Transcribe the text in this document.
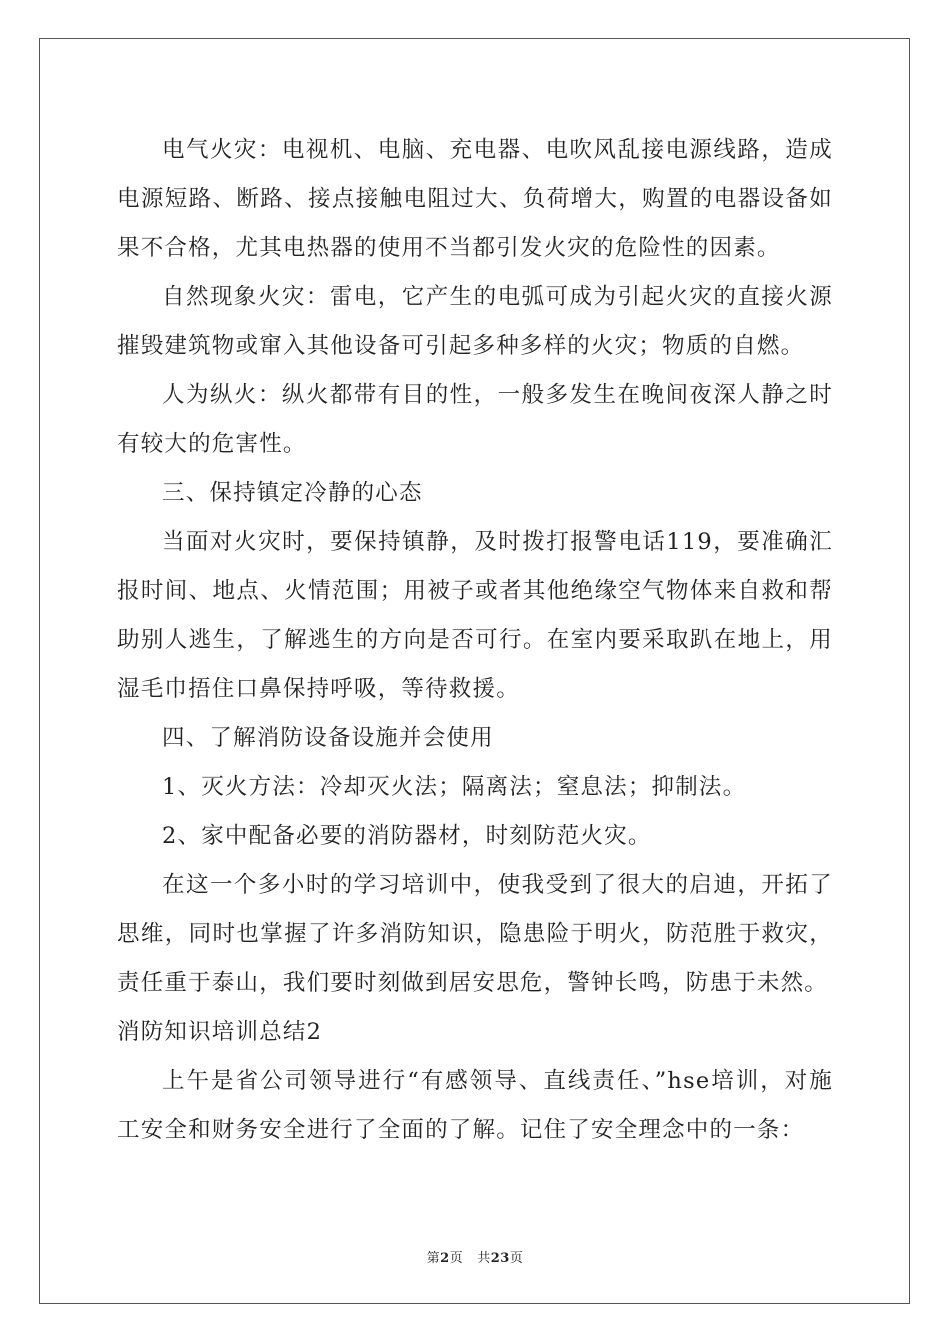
电气火灾：电视机、电脑、充电器、电吹风乱接电源线路，造成电源短路、断路、接点接触电阻过大、负荷增大，购置的电器设备如果不合格，尤其电热器的使用不当都引发火灾的危险性的因素。

自然现象火灾：雷电，它产生的电弧可成为引起火灾的直接火源摧毁建筑物或窜入其他设备可引起多种多样的火灾；物质的自燃。

人为纵火：纵火都带有目的性，一般多发生在晚间夜深人静之时有较大的危害性。

三、保持镇定冷静的心态

当面对火灾时，要保持镇静，及时拨打报警电话119，要准确汇报时间、地点、火情范围；用被子或者其他绝缘空气物体来自救和帮助别人逃生，了解逃生的方向是否可行。在室内要采取趴在地上，用湿毛巾捂住口鼻保持呼吸，等待救援。

四、了解消防设备设施并会使用

1、灭火方法：冷却灭火法；隔离法；窒息法；抑制法。

2、家中配备必要的消防器材，时刻防范火灾。

在这一个多小时的学习培训中，使我受到了很大的启迪，开拓了思维，同时也掌握了许多消防知识，隐患险于明火，防范胜于救灾，责任重于泰山，我们要时刻做到居安思危，警钟长鸣，防患于未然。

消防知识培训总结2

上午是省公司领导进行“有感领导、直线责任、”hse培训，对施工安全和财务安全进行了全面的了解。记住了安全理念中的一条：

第2页 共23页
